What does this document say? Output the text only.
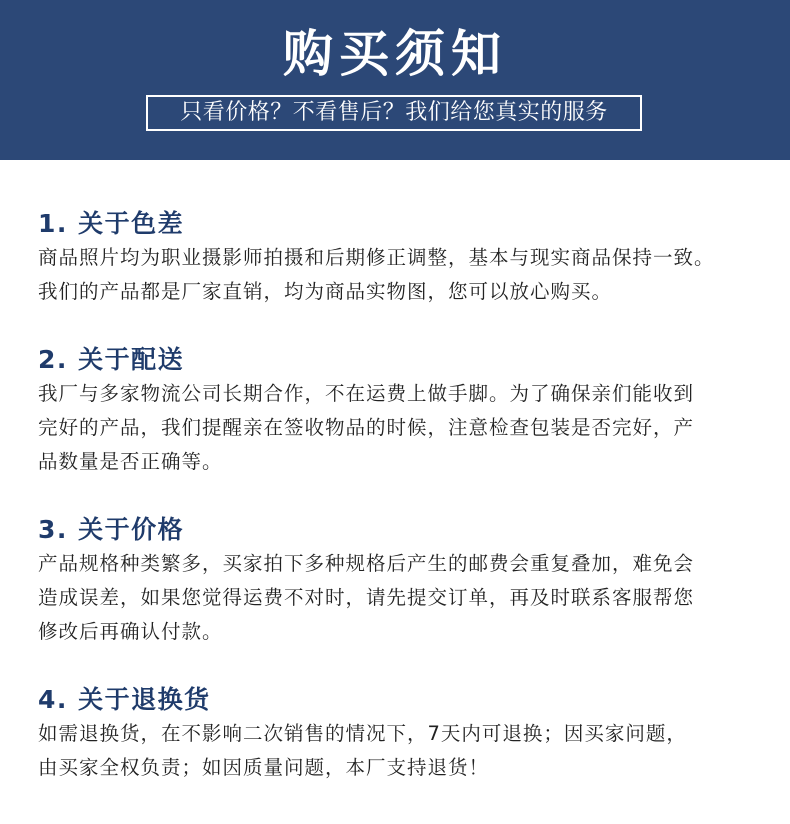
购买须知
只看价格？不看售后？我们给您真实的服务
1. 关于色差
商品照片均为职业摄影师拍摄和后期修正调整，基本与现实商品保持一致。
我们的产品都是厂家直销，均为商品实物图，您可以放心购买。
2. 关于配送
我厂与多家物流公司长期合作，不在运费上做手脚。为了确保亲们能收到
完好的产品，我们提醒亲在签收物品的时候，注意检查包装是否完好，产
品数量是否正确等。
3. 关于价格
产品规格种类繁多，买家拍下多种规格后产生的邮费会重复叠加，难免会
造成误差，如果您觉得运费不对时，请先提交订单，再及时联系客服帮您
修改后再确认付款。
4. 关于退换货
如需退换货，在不影响二次销售的情况下，7天内可退换；因买家问题，
由买家全权负责；如因质量问题，本厂支持退货！
